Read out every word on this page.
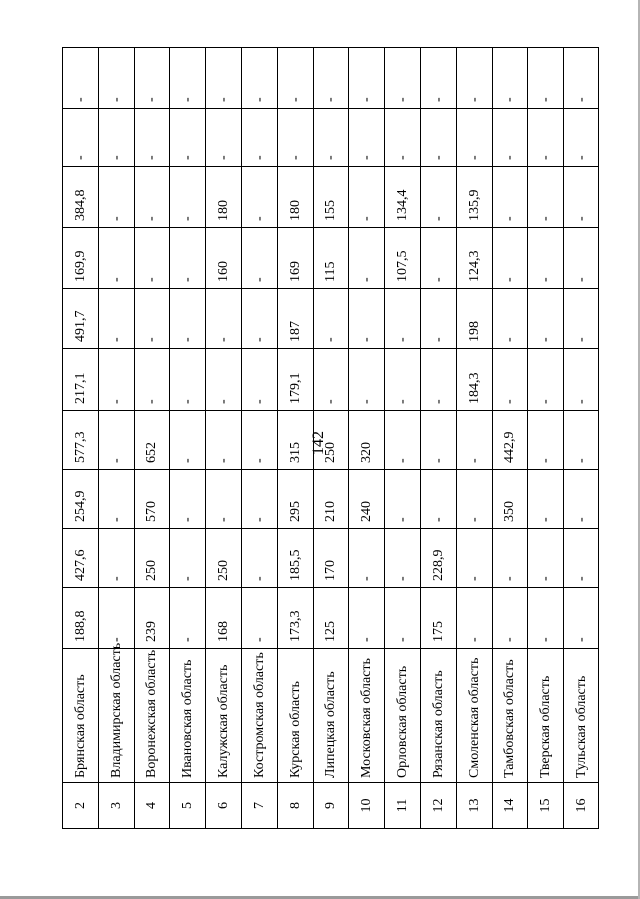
142
2	Брянская область	188,8	427,6	254,9	577,3	217,1	491,7	169,9	384,8	-	-
3	Владимирская область	-	-	-	-	-	-	-	-	-	-
4	Воронежская область	239	250	570	652	-	-	-	-	-	-
5	Ивановская область	-	-	-	-	-	-	-	-	-	-
6	Калужская область	168	250	-	-	-	-	160	180	-	-
7	Костромская область	-	-	-	-	-	-	-	-	-	-
8	Курская область	173,3	185,5	295	315	179,1	187	169	180	-	-
9	Липецкая область	125	170	210	250	-	-	115	155	-	-
10	Московская область	-	-	240	320	-	-	-	-	-	-
11	Орловская область	-	-	-	-	-	-	107,5	134,4	-	-
12	Рязанская область	175	228,9	-	-	-	-	-	-	-	-
13	Смоленская область	-	-	-	-	184,3	198	124,3	135,9	-	-
14	Тамбовская область	-	-	350	442,9	-	-	-	-	-	-
15	Тверская область	-	-	-	-	-	-	-	-	-	-
16	Тульская область	-	-	-	-	-	-	-	-	-	-
